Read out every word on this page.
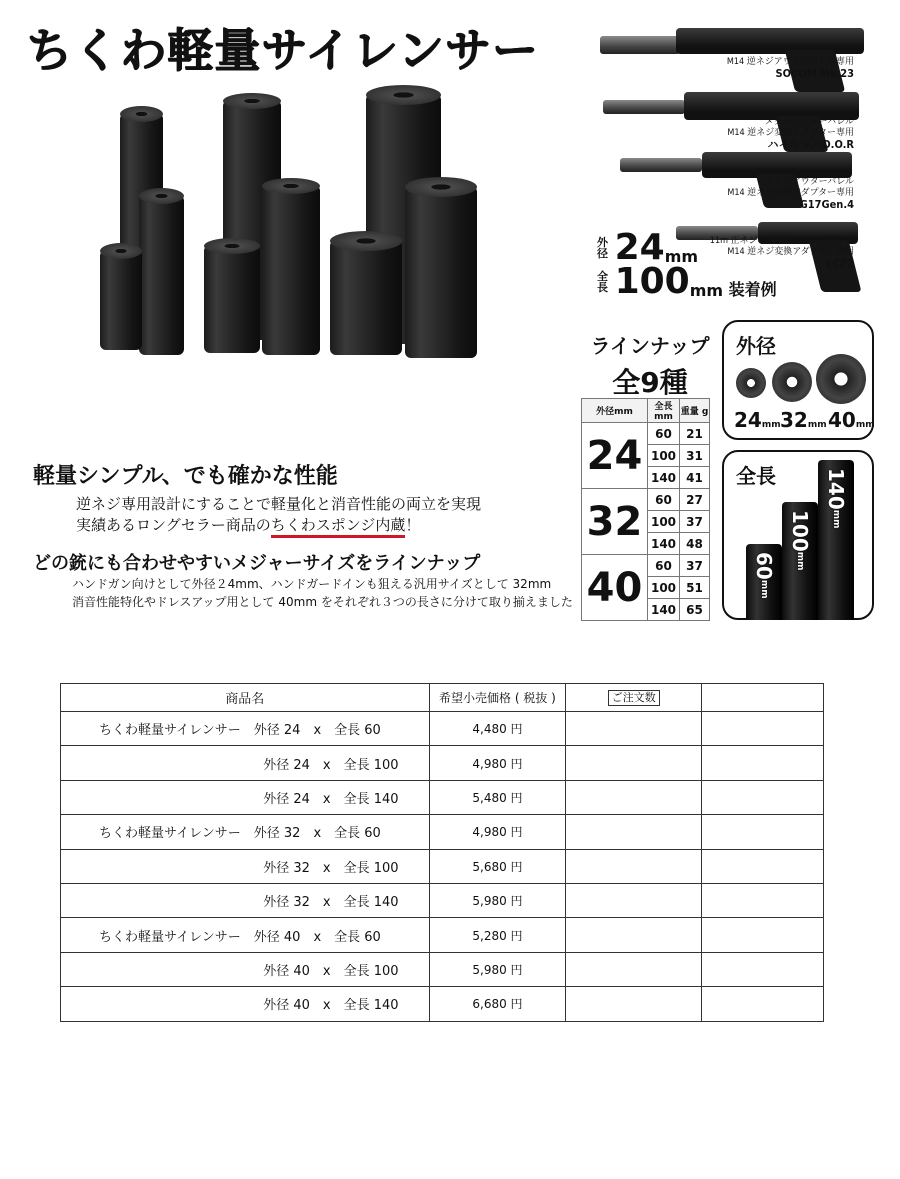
ちくわ軽量サイレンサー	M14 逆ネジアウターバレル専用
SOCOM Mk.23
メタルアウターバレル
M14 逆ネジ変換アダプター専用
ハイキャパD.O.R
メタルアウターバレル
M14 逆ネジ変換アダプター専用
G17Gen.4
11m 正ネジサイレンサーアダプター
M14 逆ネジ変換アダプター専用
LCP2
外径 24mm
全長 100mm 装着例
ラインナップ
全9種
外径mm	全長 mm	重量 g
24	60	21
	100	31
	140	41
32	60	27
	100	37
	140	48
40	60	37
	100	51
	140	65
外径
24mm 32mm 40mm
全長
60mm
100mm
140mm
軽量シンプル、でも確かな性能
逆ネジ専用設計にすることで軽量化と消音性能の両立を実現
実績あるロングセラー商品のちくわスポンジ内蔵！
どの銃にも合わせやすいメジャーサイズをラインナップ
ハンドガン向けとして外径２4mm、ハンドガードインも狙える汎用サイズとして 32mm
消音性能特化やドレスアップ用として 40mm をそれぞれ３つの長さに分けて取り揃えました
商品名	希望小売価格 ( 税抜 )	ご注文数	
ちくわ軽量サイレンサー　外径 24　x　全長 60	4,480 円		
外径 24　x　全長 100	4,980 円		
外径 24　x　全長 140	5,480 円		
ちくわ軽量サイレンサー　外径 32　x　全長 60	4,980 円		
外径 32　x　全長 100	5,680 円		
外径 32　x　全長 140	5,980 円		
ちくわ軽量サイレンサー　外径 40　x　全長 60	5,280 円		
外径 40　x　全長 100	5,980 円		
外径 40　x　全長 140	6,680 円		
